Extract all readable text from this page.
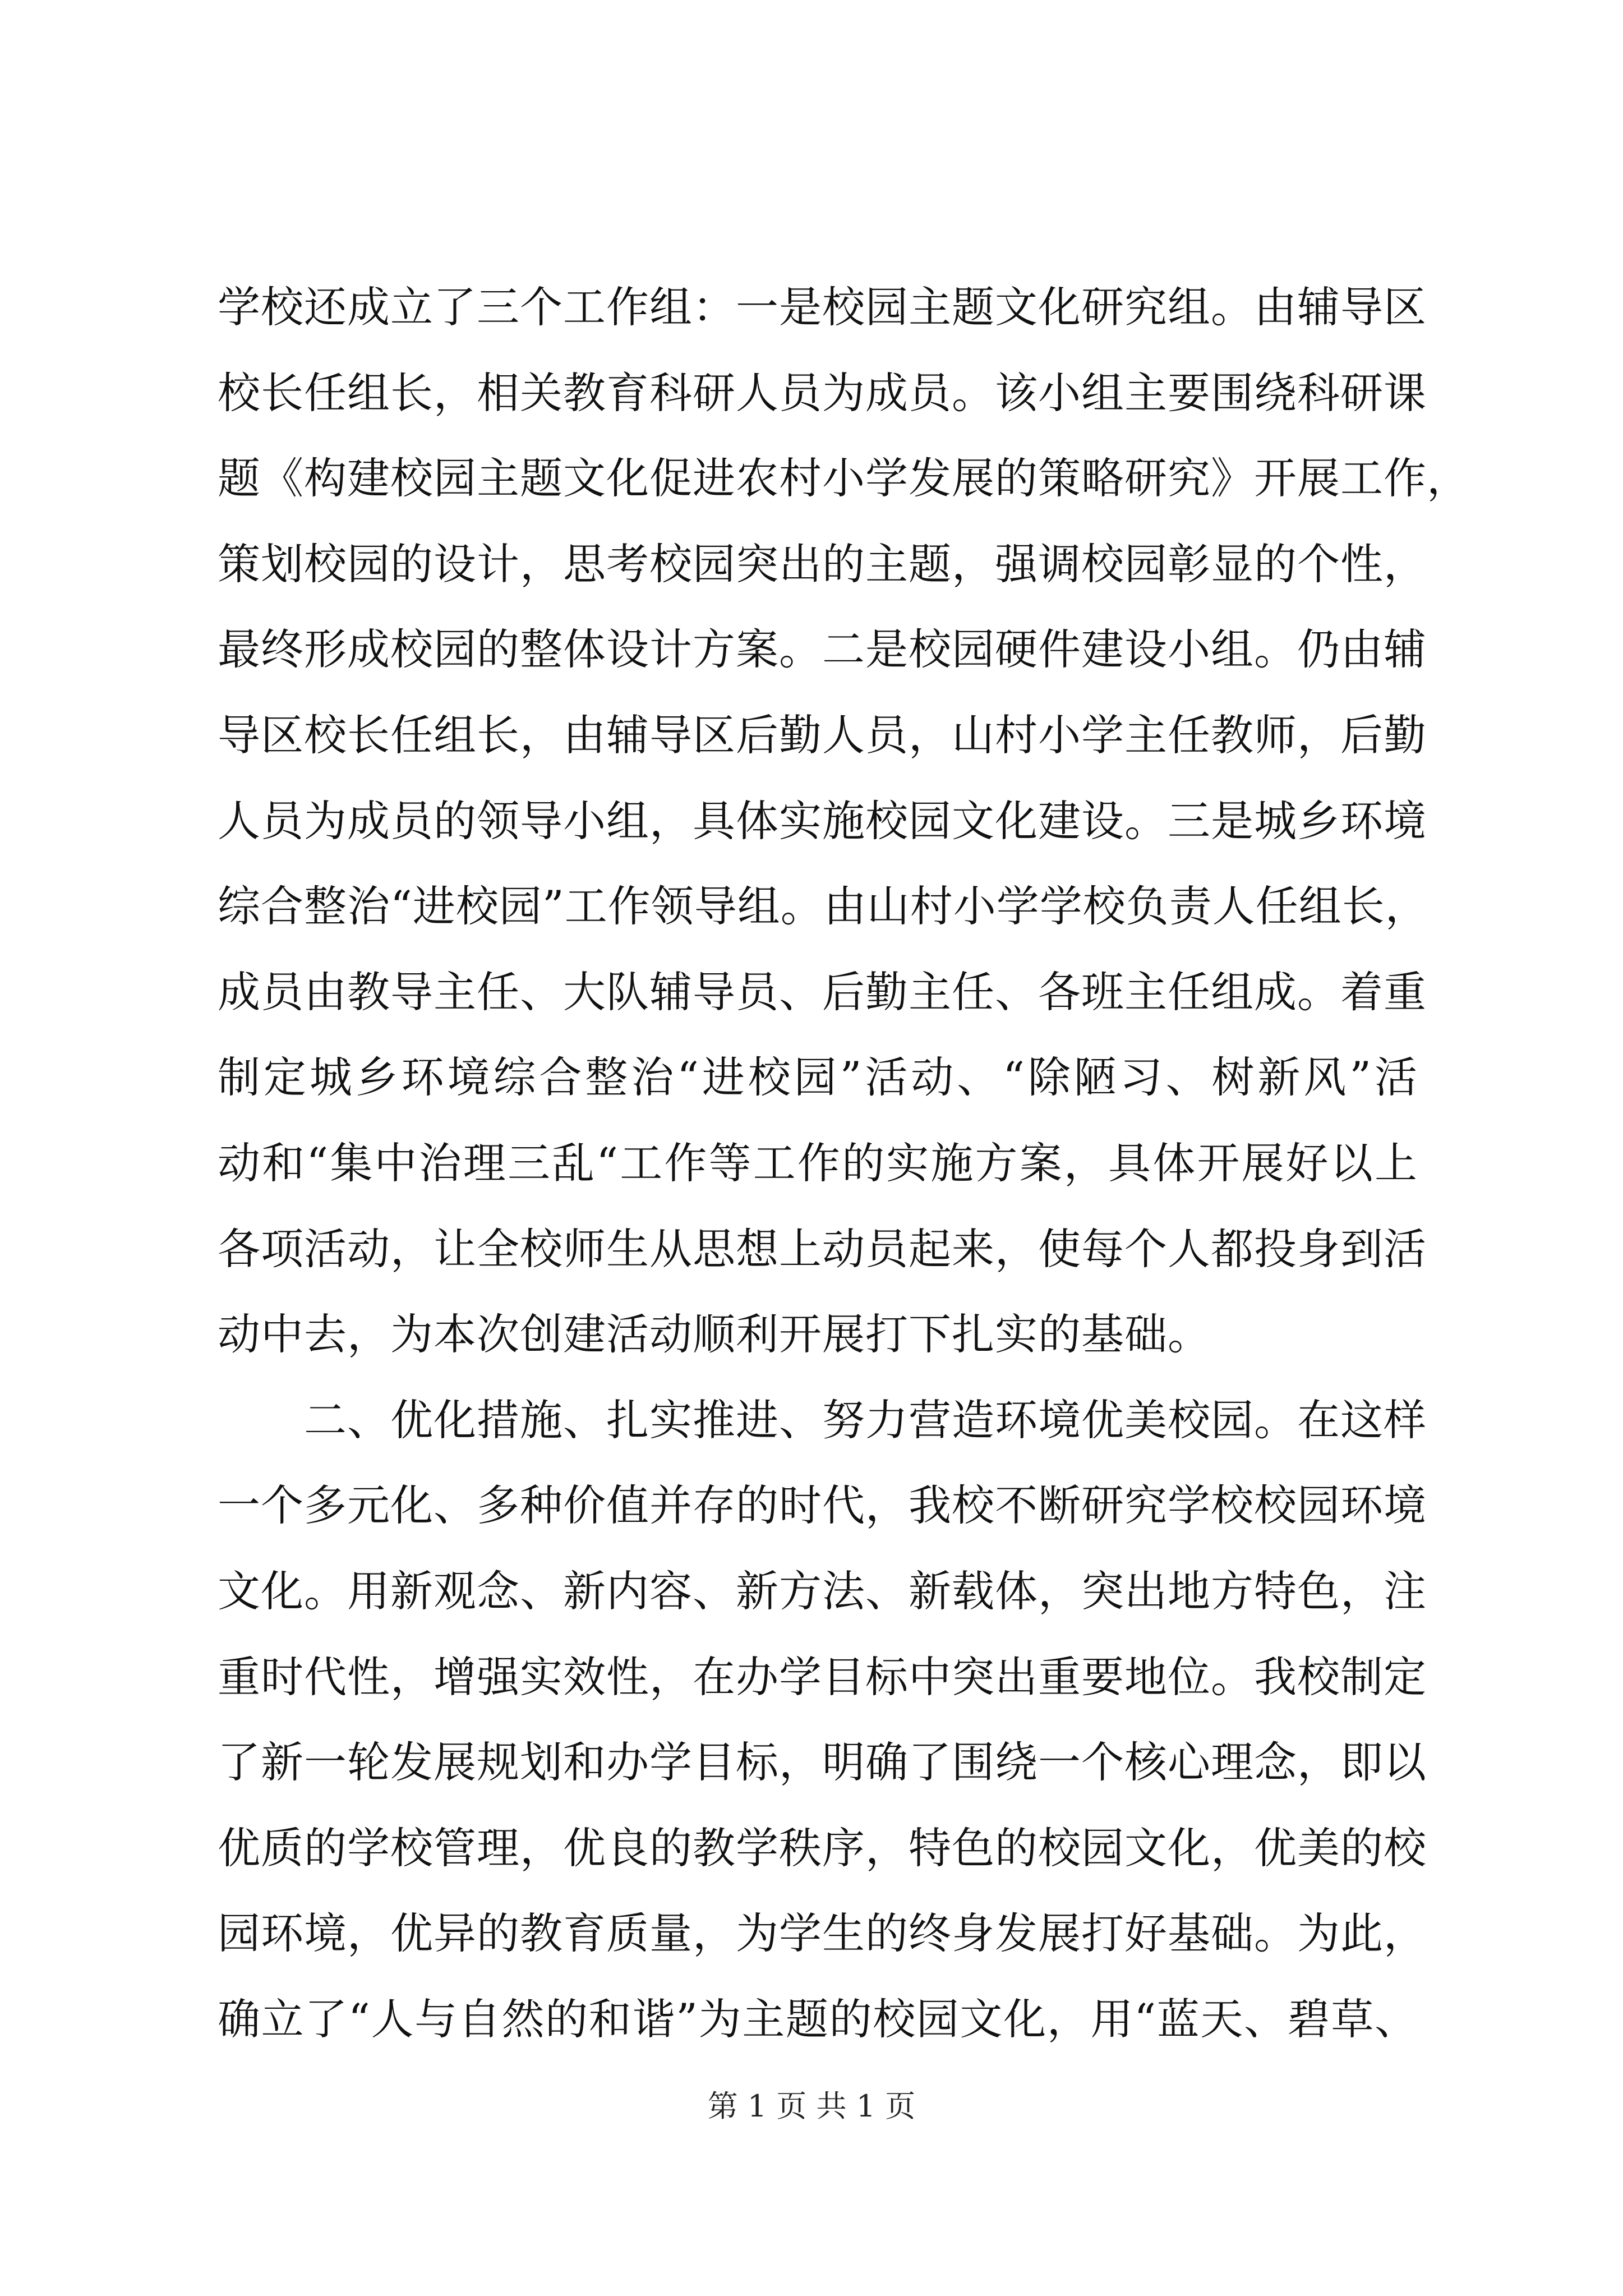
学校还成立了三个工作组：一是校园主题文化研究组。由辅导区
校长任组长，相关教育科研人员为成员。该小组主要围绕科研课
题《构建校园主题文化促进农村小学发展的策略研究》开展工作，
策划校园的设计，思考校园突出的主题，强调校园彰显的个性，
最终形成校园的整体设计方案。二是校园硬件建设小组。仍由辅
导区校长任组长，由辅导区后勤人员，山村小学主任教师，后勤
人员为成员的领导小组，具体实施校园文化建设。三是城乡环境
综合整治“进校园”工作领导组。由山村小学学校负责人任组长，
成员由教导主任、大队辅导员、后勤主任、各班主任组成。着重
制定城乡环境综合整治“进校园”活动、“除陋习、树新风”活
动和“集中治理三乱“工作等工作的实施方案，具体开展好以上
各项活动，让全校师生从思想上动员起来，使每个人都投身到活
动中去，为本次创建活动顺利开展打下扎实的基础。
　　二、优化措施、扎实推进、努力营造环境优美校园。在这样
一个多元化、多种价值并存的时代，我校不断研究学校校园环境
文化。用新观念、新内容、新方法、新载体，突出地方特色，注
重时代性，增强实效性，在办学目标中突出重要地位。我校制定
了新一轮发展规划和办学目标，明确了围绕一个核心理念，即以
优质的学校管理，优良的教学秩序，特色的校园文化，优美的校
园环境，优异的教育质量，为学生的终身发展打好基础。为此，
确立了“人与自然的和谐”为主题的校园文化，用“蓝天、碧草、
第 1 页 共 1 页
